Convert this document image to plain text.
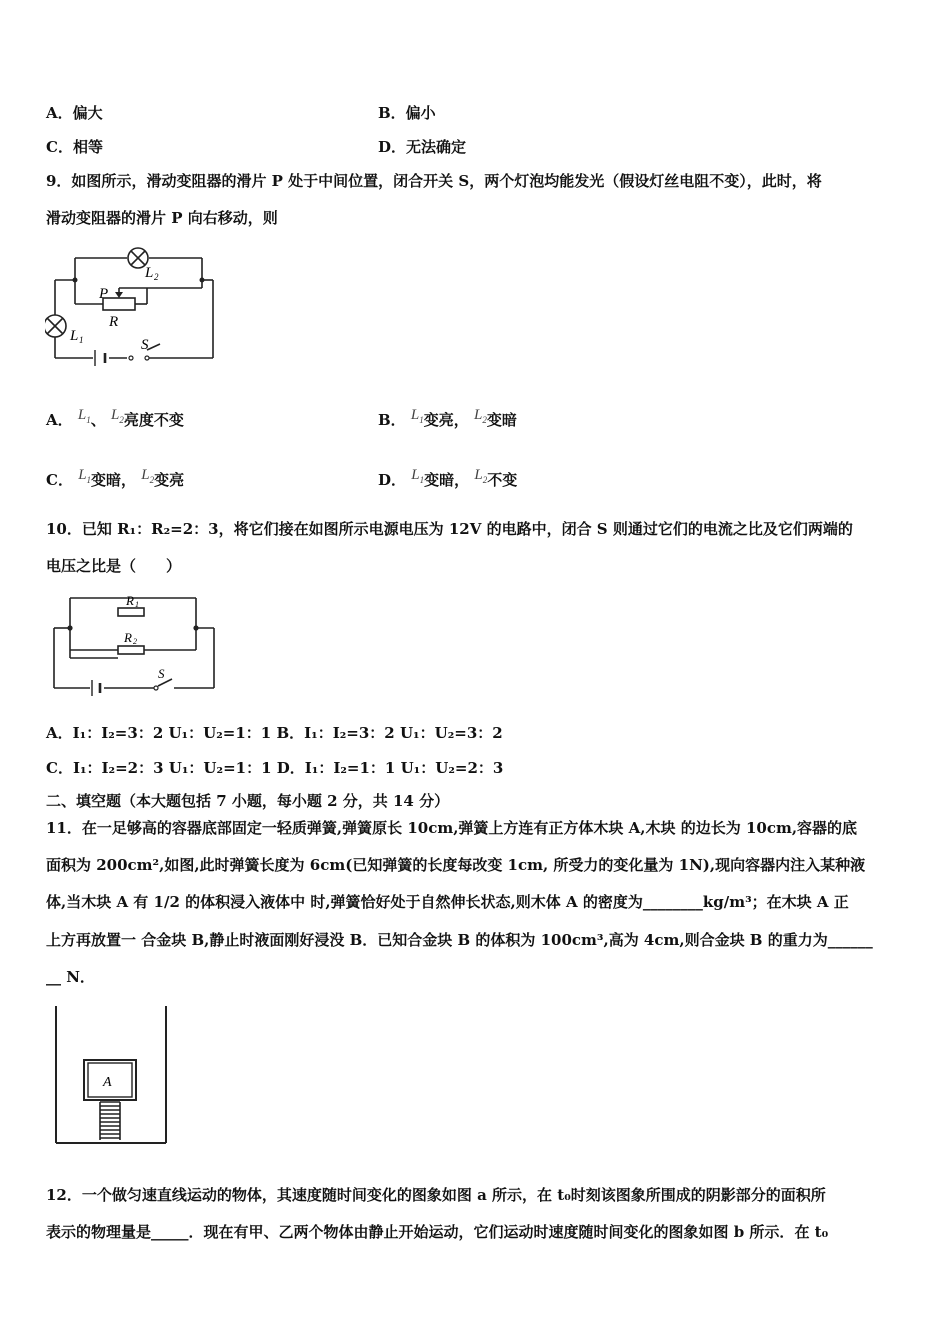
A．偏大	B．偏小
C．相等	D．无法确定
9．如图所示，滑动变阻器的滑片 P 处于中间位置，闭合开关 S，两个灯泡均能发光（假设灯丝电阻不变），此时，将
滑动变阻器的滑片 P 向右移动，则
L 2
P
R
L 1	S
A． $L_1$、 $L_2$亮度不变	B． $L_1$变亮， $L_2$变暗
C． $L_1$变暗， $L_2$变亮	D． $L_1$变暗， $L_2$不变
10．已知 R₁：R₂=2：3，将它们接在如图所示电源电压为 12V 的电路中，闭合 S 则通过它们的电流之比及它们两端的
电压之比是（　　）
R 1
R 2
S
A．I₁：I₂=3：2 U₁：U₂=1：1 B．I₁：I₂=3：2 U₁：U₂=3：2
C．I₁：I₂=2：3 U₁：U₂=1：1 D．I₁：I₂=1：1 U₁：U₂=2：3
二、填空题（本大题包括 7 小题，每小题 2 分，共 14 分）
11．在一足够高的容器底部固定一轻质弹簧,弹簧原长 10cm,弹簧上方连有正方体木块 A,木块 的边长为 10cm,容器的底
面积为 200cm²,如图,此时弹簧长度为 6cm(已知弹簧的长度每改变 1cm, 所受力的变化量为 1N),现向容器内注入某种液
体,当木块 A 有 1/2 的体积浸入液体中 时,弹簧恰好处于自然伸长状态,则木体 A 的密度为________kg/m³；在木块 A 正
上方再放置一 合金块 B,静止时液面刚好浸没 B．已知合金块 B 的体积为 100cm³,高为 4cm,则合金块 B 的重力为______
__ N．
A
12．一个做匀速直线运动的物体，其速度随时间变化的图象如图 a 所示，在 t₀时刻该图象所围成的阴影部分的面积所
表示的物理量是_____．现在有甲、乙两个物体由静止开始运动，它们运动时速度随时间变化的图象如图 b 所示．在 t₀
